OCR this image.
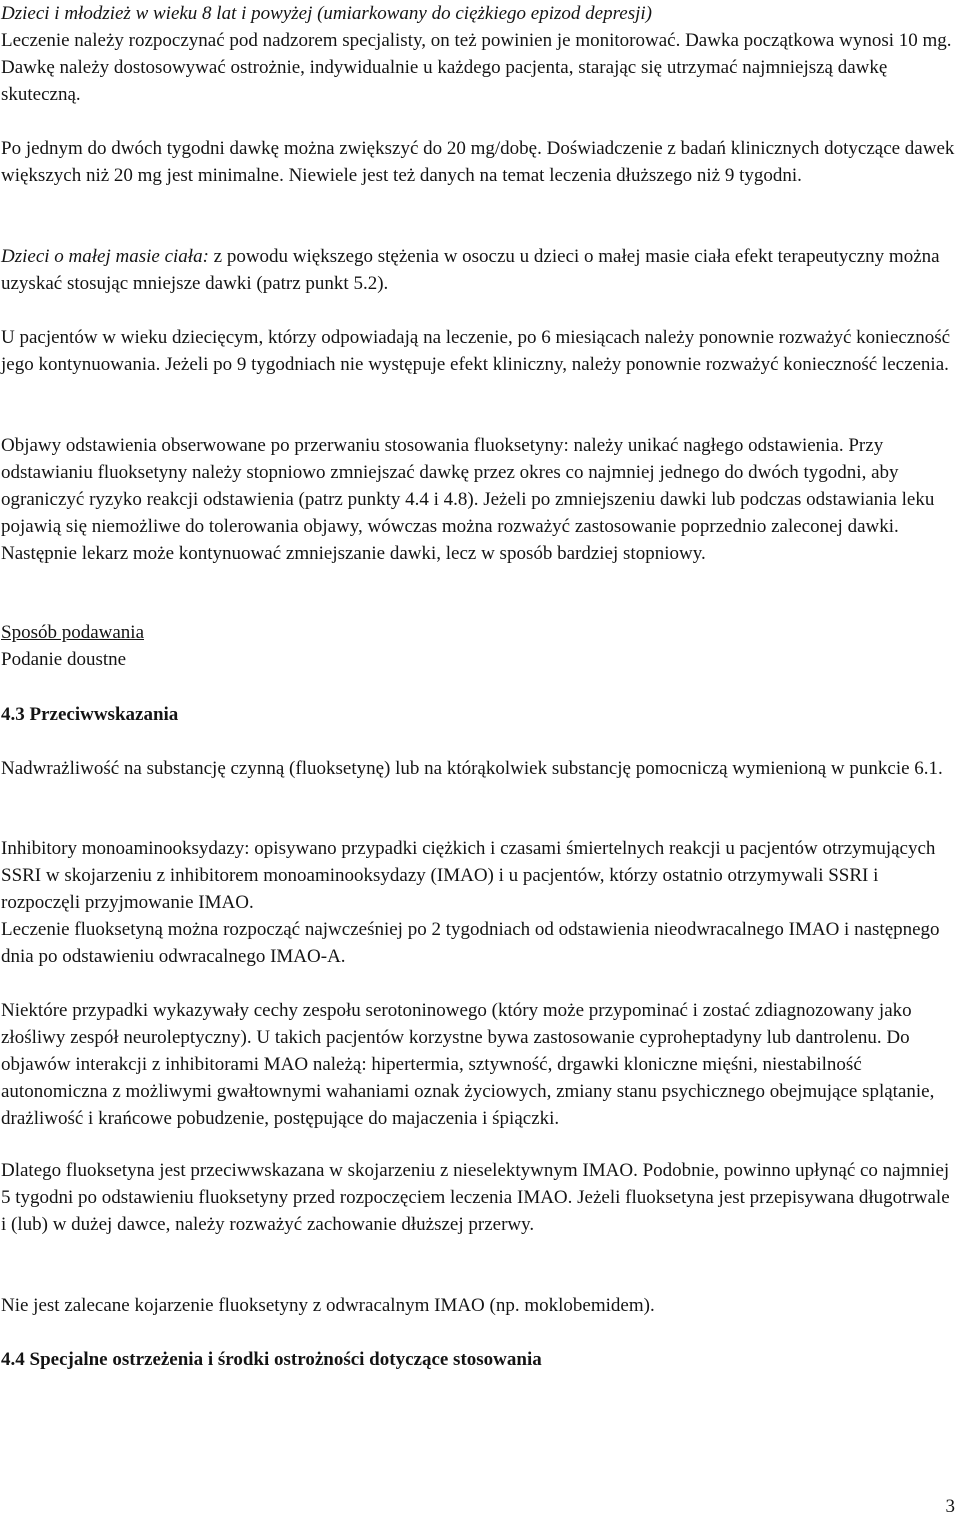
Dzieci i młodzież w wieku 8 lat i powyżej (umiarkowany do ciężkiego epizod depresji)
Leczenie należy rozpoczynać pod nadzorem specjalisty, on też powinien je monitorować. Dawka początkowa wynosi 10 mg. Dawkę należy dostosowywać ostrożnie, indywidualnie u każdego pacjenta, starając się utrzymać najmniejszą dawkę skuteczną.

Po jednym do dwóch tygodni dawkę można zwiększyć do 20 mg/dobę. Doświadczenie z badań klinicznych dotyczące dawek większych niż 20 mg jest minimalne. Niewiele jest też danych na temat leczenia dłuższego niż 9 tygodni.

Dzieci o małej masie ciała: z powodu większego stężenia w osoczu u dzieci o małej masie ciała efekt terapeutyczny można uzyskać stosując mniejsze dawki (patrz punkt 5.2).

U pacjentów w wieku dziecięcym, którzy odpowiadają na leczenie, po 6 miesiącach należy ponownie rozważyć konieczność jego kontynuowania. Jeżeli po 9 tygodniach nie występuje efekt kliniczny, należy ponownie rozważyć konieczność leczenia.

Objawy odstawienia obserwowane po przerwaniu stosowania fluoksetyny: należy unikać nagłego odstawienia. Przy odstawianiu fluoksetyny należy stopniowo zmniejszać dawkę przez okres co najmniej jednego do dwóch tygodni, aby ograniczyć ryzyko reakcji odstawienia (patrz punkty 4.4 i 4.8). Jeżeli po zmniejszeniu dawki lub podczas odstawiania leku pojawią się niemożliwe do tolerowania objawy, wówczas można rozważyć zastosowanie poprzednio zaleconej dawki. Następnie lekarz może kontynuować zmniejszanie dawki, lecz w sposób bardziej stopniowy.

Sposób podawania

Podanie doustne

4.3 Przeciwwskazania

Nadwrażliwość na substancję czynną (fluoksetynę) lub na którąkolwiek substancję pomocniczą wymienioną w punkcie 6.1.

Inhibitory monoaminooksydazy: opisywano przypadki ciężkich i czasami śmiertelnych reakcji u pacjentów otrzymujących SSRI w skojarzeniu z inhibitorem monoaminooksydazy (IMAO) i u pacjentów, którzy ostatnio otrzymywali SSRI i rozpoczęli przyjmowanie IMAO.

Leczenie fluoksetyną można rozpocząć najwcześniej po 2 tygodniach od odstawienia nieodwracalnego IMAO i następnego dnia po odstawieniu odwracalnego IMAO-A.

Niektóre przypadki wykazywały cechy zespołu serotoninowego (który może przypominać i zostać zdiagnozowany jako złośliwy zespół neuroleptyczny). U takich pacjentów korzystne bywa zastosowanie cyproheptadyny lub dantrolenu. Do objawów interakcji z inhibitorami MAO należą: hipertermia, sztywność, drgawki kloniczne mięśni, niestabilność autonomiczna z możliwymi gwałtownymi wahaniami oznak życiowych, zmiany stanu psychicznego obejmujące splątanie, drażliwość i krańcowe pobudzenie, postępujące do majaczenia i śpiączki.

Dlatego fluoksetyna jest przeciwwskazana w skojarzeniu z nieselektywnym IMAO. Podobnie, powinno upłynąć co najmniej 5 tygodni po odstawieniu fluoksetyny przed rozpoczęciem leczenia IMAO. Jeżeli fluoksetyna jest przepisywana długotrwale i (lub) w dużej dawce, należy rozważyć zachowanie dłuższej przerwy.

Nie jest zalecane kojarzenie fluoksetyny z odwracalnym IMAO (np. moklobemidem).

4.4 Specjalne ostrzeżenia i środki ostrożności dotyczące stosowania

3
